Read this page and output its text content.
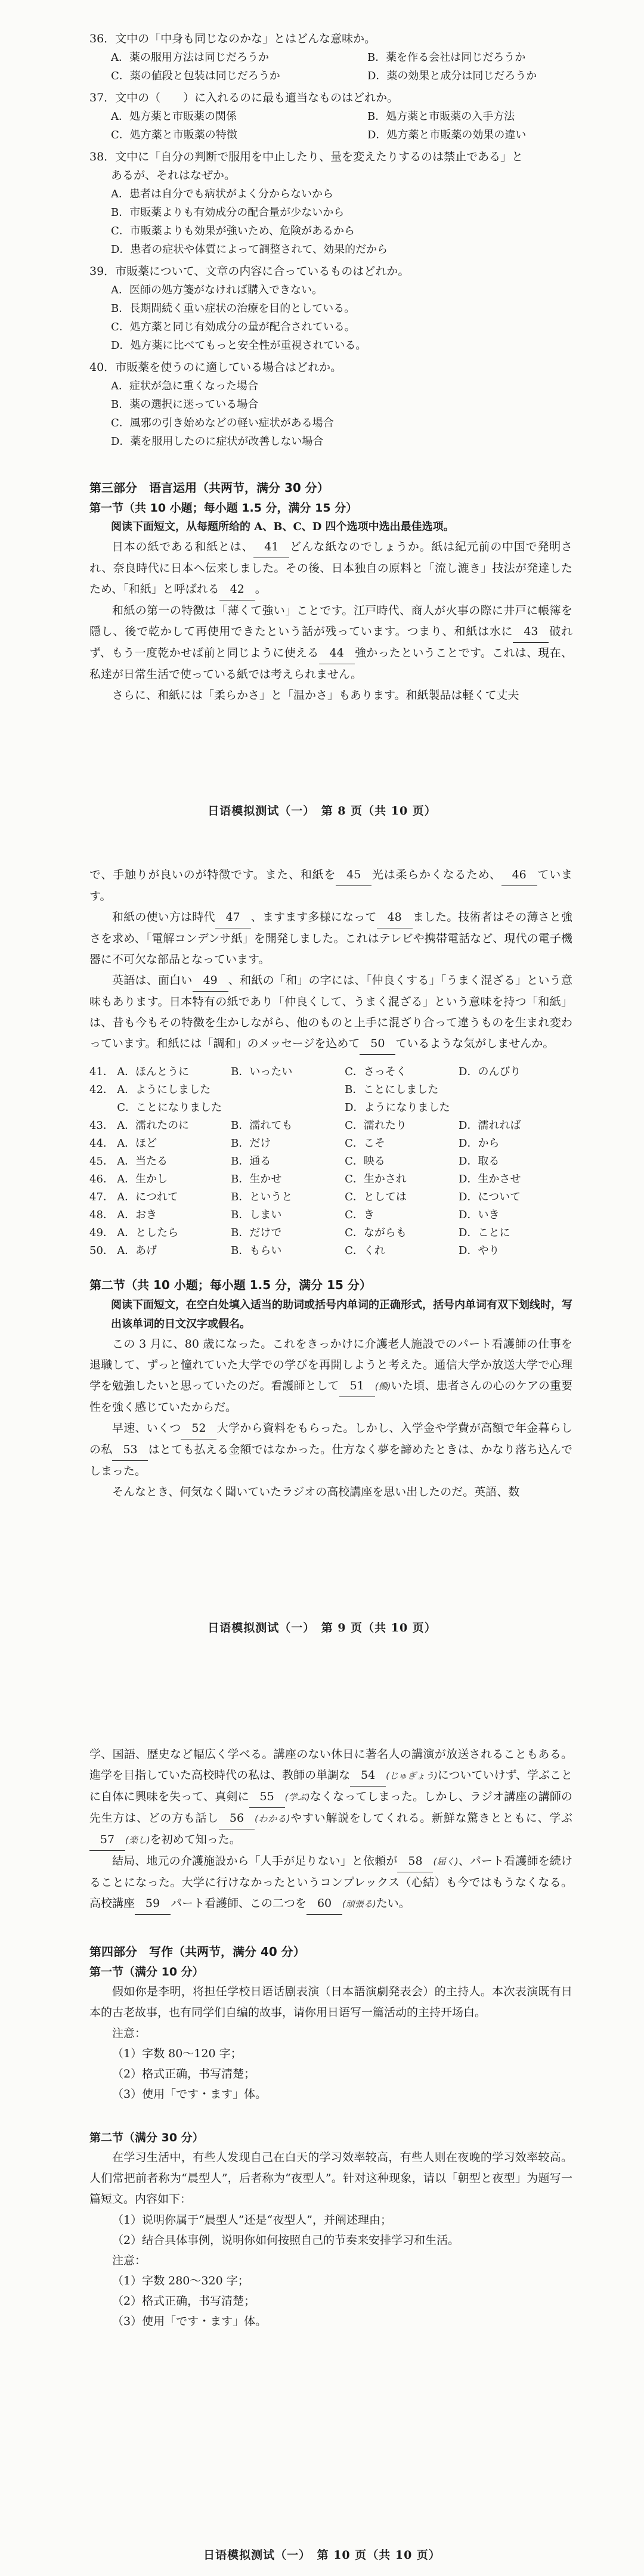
36．文中の「中身も同じなのかな」とはどんな意味か。

A．薬の服用方法は同じだろうか	B．薬を作る会社は同じだろうか
C．薬の値段と包装は同じだろうか	D．薬の効果と成分は同じだろうか

37．文中の（　　）に入れるのに最も適当なものはどれか。

A．処方薬と市販薬の関係	B．処方薬と市販薬の入手方法
C．処方薬と市販薬の特徴	D．処方薬と市販薬の効果の違い

38．文中に「自分の判断で服用を中止したり、量を変えたりするのは禁止である」と

あるが、それはなぜか。

A．患者は自分でも病状がよく分からないから

B．市販薬よりも有効成分の配合量が少ないから

C．市販薬よりも効果が強いため、危険があるから

D．患者の症状や体質によって調整されて、効果的だから

39．市販薬について、文章の内容に合っているものはどれか。

A．医師の処方箋がなければ購入できない。

B．長期間続く重い症状の治療を目的としている。

C．処方薬と同じ有効成分の量が配合されている。

D．処方薬に比べてもっと安全性が重視されている。

40．市販薬を使うのに適している場合はどれか。

A．症状が急に重くなった場合

B．薬の選択に迷っている場合

C．風邪の引き始めなどの軽い症状がある場合

D．薬を服用したのに症状が改善しない場合

第三部分　语言运用（共两节，满分 30 分）

第一节（共 10 小题；每小题 1.5 分，满分 15 分）

阅读下面短文，从每题所给的 A、B、C、D 四个选项中选出最佳选项。

日本の紙である和紙とは、 41 どんな紙なのでしょうか。紙は紀元前の中国で発明され、奈良時代に日本へ伝来しました。その後、日本独自の原料と「流し漉き」技法が発達したため、「和紙」と呼ばれる 42 。

和紙の第一の特徴は「薄くて強い」ことです。江戸時代、商人が火事の際に井戸に帳簿を隠し、後で乾かして再使用できたという話が残っています。つまり、和紙は水に 43 破れず、もう一度乾かせば前と同じように使える 44 強かったということです。これは、現在、私達が日常生活で使っている紙では考えられません。

さらに、和紙には「柔らかさ」と「温かさ」もあります。和紙製品は軽くて丈夫

日语模拟测试（一）　第 8 页（共 10 页）

で、手触りが良いのが特徴です。また、和紙を 45 光は柔らかくなるため、 46 ています。

和紙の使い方は時代 47 、ますます多様になって 48 ました。技術者はその薄さと強さを求め、「電解コンデンサ紙」を開発しました。これはテレビや携帯電話など、現代の電子機器に不可欠な部品となっています。

英語は、面白い 49 、和紙の「和」の字には、「仲良くする」「うまく混ざる」という意味もあります。日本特有の紙であり「仲良くして、うまく混ざる」という意味を持つ「和紙」は、昔も今もその特徴を生かしながら、他のものと上手に混ざり合って違うものを生まれ変わっています。和紙には「調和」のメッセージを込めて 50 ているような気がしませんか。

41． A．ほんとうに	B．いったい	C．さっそく	D．のんびり
42． A．ようにしました	B．ことにしました
C．ことになりました	D．ようになりました
43． A．濡れたのに	B．濡れても	C．濡れたり	D．濡れれば
44． A．ほど	B．だけ	C．こそ	D．から
45． A．当たる	B．通る	C．映る	D．取る
46． A．生かし	B．生かせ	C．生かされ	D．生かさせ
47． A．につれて	B．というと	C．としては	D．について
48． A．おき	B．しまい	C．き	D．いき
49． A．としたら	B．だけで	C．ながらも	D．ことに
50． A．あげ	B．もらい	C．くれ	D．やり

第二节（共 10 小题；每小题 1.5 分，满分 15 分）

阅读下面短文，在空白处填入适当的助词或括号内单词的正确形式，括号内单词有双下划线时，写出该单词的日文汉字或假名。

この 3 月に、80 歳になった。これをきっかけに介護老人施設でのパート看護師の仕事を退職して、ずっと憧れていた大学での学びを再開しようと考えた。通信大学か放送大学で心理学を勉強したいと思っていたのだ。看護師として 51 (働)いた頃、患者さんの心のケアの重要性を強く感じていたからだ。

早速、いくつ 52 大学から資料をもらった。しかし、入学金や学費が高額で年金暮らしの私 53 はとても払える金額ではなかった。仕方なく夢を諦めたときは、かなり落ち込んでしまった。

そんなとき、何気なく聞いていたラジオの高校講座を思い出したのだ。英語、数

日语模拟测试（一）　第 9 页（共 10 页）

学、国語、歴史など幅広く学べる。講座のない休日に著名人の講演が放送されることもある。進学を目指していた高校時代の私は、教師の単調な 54 (じゅぎょう)についていけず、学ぶことに自体に興味を失って、真剣に 55 (学ぶ)なくなってしまった。しかし、ラジオ講座の講師の先生方は、どの方も話し 56 (わかる)やすい解説をしてくれる。新鮮な驚きとともに、学ぶ57 (楽し)を初めて知った。

結局、地元の介護施設から「人手が足りない」と依頼が 58 (届く)、パート看護師を続けることになった。大学に行けなかったというコンプレックス（心結）も今ではもうなくなる。高校講座 59 パート看護師、この二つを 60 (頑張る)たい。

第四部分　写作（共两节，满分 40 分）

第一节（满分 10 分）

假如你是李明，将担任学校日语话剧表演（日本語演劇発表会）的主持人。本次表演既有日本的古老故事，也有同学们自编的故事，请你用日语写一篇活动的主持开场白。

注意：

（1）字数 80～120 字；

（2）格式正确，书写清楚；

（3）使用「です・ます」体。

第二节（满分 30 分）

在学习生活中，有些人发现自己在白天的学习效率较高，有些人则在夜晚的学习效率较高。人们常把前者称为“晨型人”，后者称为“夜型人”。针对这种现象，请以「朝型と夜型」为题写一篇短文。内容如下：

（1）说明你属于“晨型人”还是“夜型人”，并阐述理由；

（2）结合具体事例，说明你如何按照自己的节奏来安排学习和生活。

注意：

（1）字数 280～320 字；

（2）格式正确，书写清楚；

（3）使用「です・ます」体。

日语模拟测试（一）　第 10 页（共 10 页）
